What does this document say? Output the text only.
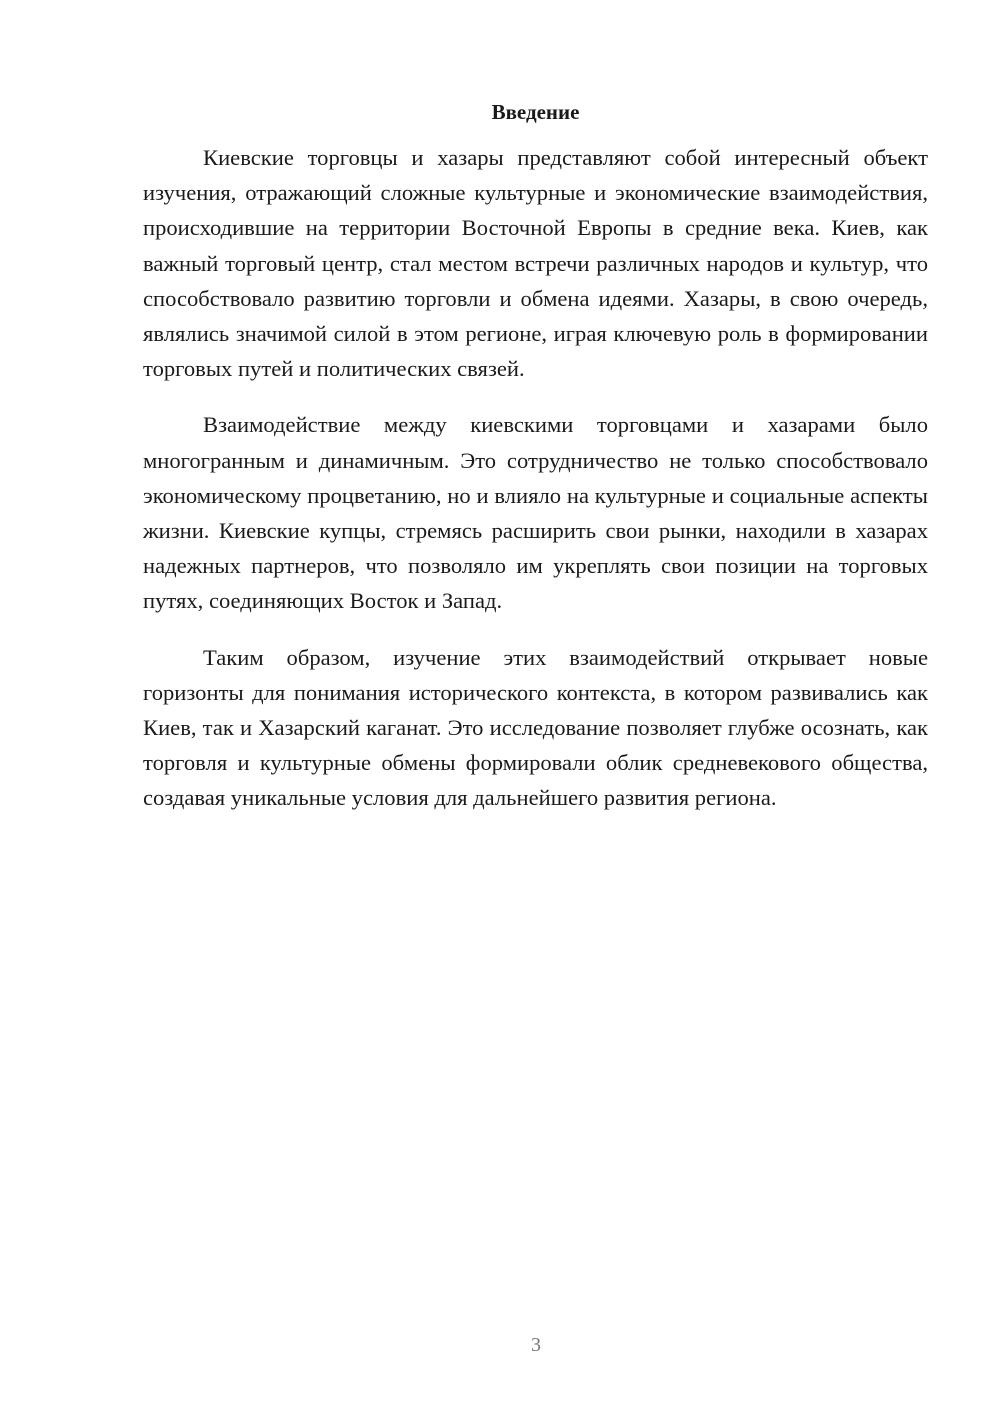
Введение

Киевские торговцы и хазары представляют собой интересный объект изучения, отражающий сложные культурные и экономические взаимодействия, происходившие на территории Восточной Европы в средние века. Киев, как важный торговый центр, стал местом встречи различных народов и культур, что способствовало развитию торговли и обмена идеями. Хазары, в свою очередь, являлись значимой силой в этом регионе, играя ключевую роль в формировании торговых путей и политических связей.

Взаимодействие между киевскими торговцами и хазарами было многогранным и динамичным. Это сотрудничество не только способствовало экономическому процветанию, но и влияло на культурные и социальные аспекты жизни. Киевские купцы, стремясь расширить свои рынки, находили в хазарах надежных партнеров, что позволяло им укреплять свои позиции на торговых путях, соединяющих Восток и Запад.

Таким образом, изучение этих взаимодействий открывает новые горизонты для понимания исторического контекста, в котором развивались как Киев, так и Хазарский каганат. Это исследование позволяет глубже осознать, как торговля и культурные обмены формировали облик средневекового общества, создавая уникальные условия для дальнейшего развития региона.

3
